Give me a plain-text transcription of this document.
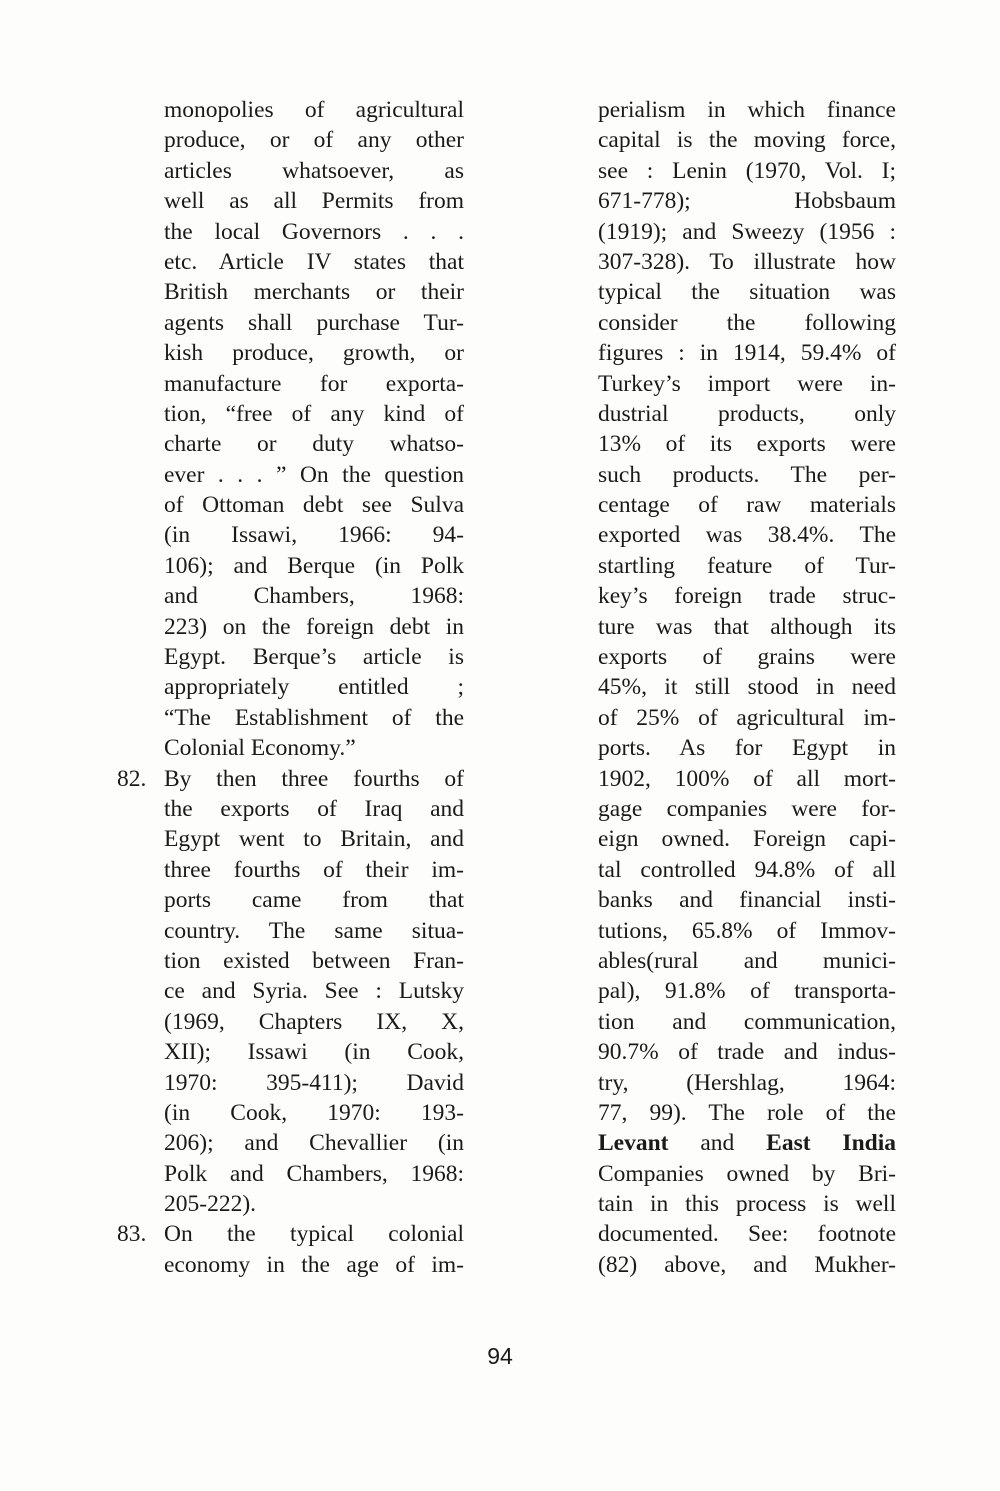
monopolies of agricultural
produce, or of any other
articles whatsoever, as
well as all Permits from
the local Governors . . .
etc. Article IV states that
British merchants or their
agents shall purchase Tur-
kish produce, growth, or
manufacture for exporta-
tion, “free of any kind of
charte or duty whatso-
ever . . . ” On the question
of Ottoman debt see Sulva
(in Issawi, 1966: 94-
106); and Berque (in Polk
and Chambers, 1968:
223) on the foreign debt in
Egypt. Berque’s article is
appropriately entitled ;
“The Establishment of the
Colonial Economy.”
82. By then three fourths of
the exports of Iraq and
Egypt went to Britain, and
three fourths of their im-
ports came from that
country. The same situa-
tion existed between Fran-
ce and Syria. See : Lutsky
(1969, Chapters IX, X,
XII); Issawi (in Cook,
1970: 395-411); David
(in Cook, 1970: 193-
206); and Chevallier (in
Polk and Chambers, 1968:
205-222).
83. On the typical colonial
economy in the age of im-
perialism in which finance
capital is the moving force,
see : Lenin (1970, Vol. I;
671-778); Hobsbaum
(1919); and Sweezy (1956 :
307-328). To illustrate how
typical the situation was
consider the following
figures : in 1914, 59.4% of
Turkey’s import were in-
dustrial products, only
13% of its exports were
such products. The per-
centage of raw materials
exported was 38.4%. The
startling feature of Tur-
key’s foreign trade struc-
ture was that although its
exports of grains were
45%, it still stood in need
of 25% of agricultural im-
ports. As for Egypt in
1902, 100% of all mort-
gage companies were for-
eign owned. Foreign capi-
tal controlled 94.8% of all
banks and financial insti-
tutions, 65.8% of Immov-
ables(rural and munici-
pal), 91.8% of transporta-
tion and communication,
90.7% of trade and indus-
try, (Hershlag, 1964:
77, 99). The role of the
Levant and East India
Companies owned by Bri-
tain in this process is well
documented. See: footnote
(82) above, and Mukher-
94
